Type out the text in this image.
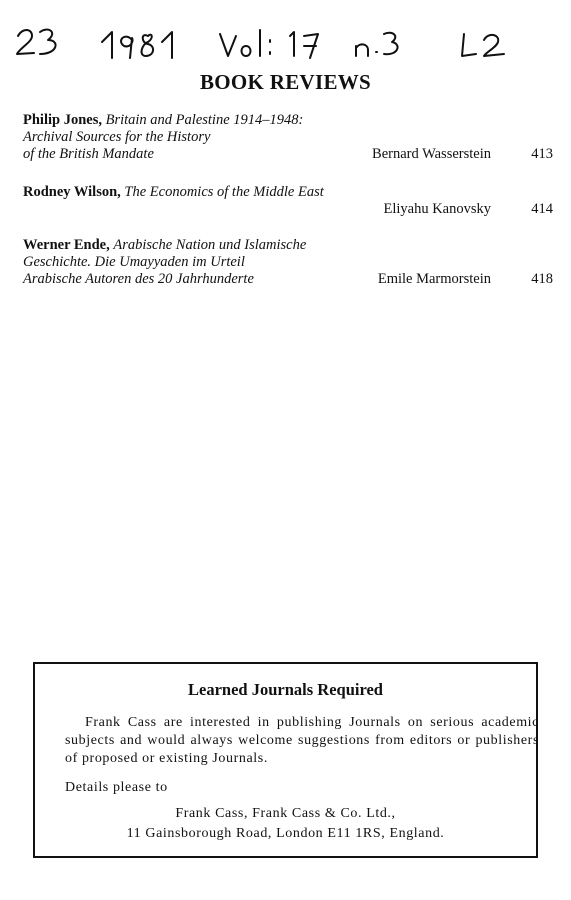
BOOK REVIEWS
Philip Jones, Britain and Palestine 1914–1948:
Archival Sources for the History
of the British Mandate	Bernard Wasserstein	413
Rodney Wilson, The Economics of the Middle East
Eliyahu Kanovsky	414
Werner Ende, Arabische Nation und Islamische
Geschichte. Die Umayyaden im Urteil
Arabische Autoren des 20 Jahrhunderte	Emile Marmorstein	418
Learned Journals Required

Frank Cass are interested in publishing Journals on serious academic subjects and would always welcome suggestions from editors or publishers of proposed or existing Journals.

Details please to
Frank Cass, Frank Cass & Co. Ltd.,
11 Gainsborough Road, London E11 1RS, England.
